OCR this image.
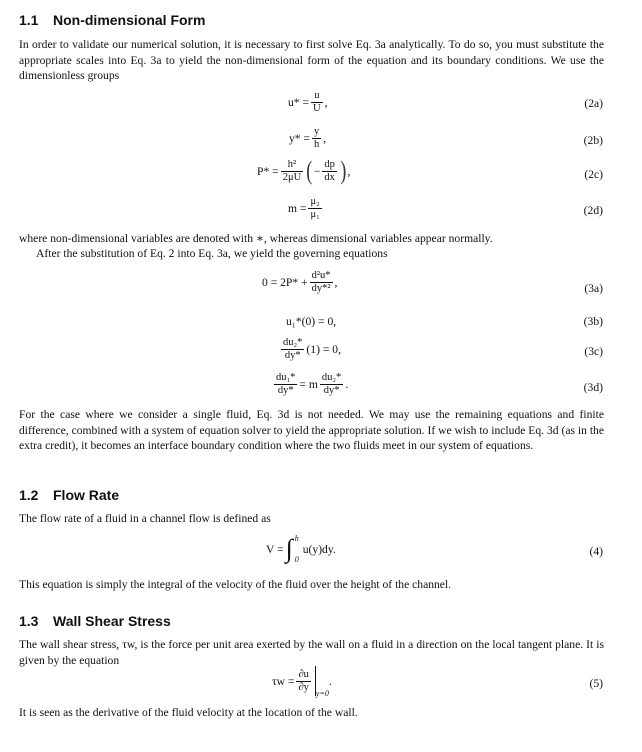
1.1 Non-dimensional Form

In order to validate our numerical solution, it is necessary to first solve Eq. 3a analytically. To do so, you must substitute the appropriate scales into Eq. 3a to yield the non-dimensional form of the equation and its boundary conditions. We use the dimensionless groups

$u* = \frac{u}{U}$ ,	(2a)
$y* = \frac{y}{h}$ ,	(2b)
$P* = \frac{\text{h²}}{2\mu U}$ ( − $\frac{dp}{dx}$ ) ,	(2c)
$m = \frac{\text{μ₂}}{\text{μ₁}}$	(2d)

where non-dimensional variables are denoted with ∗, whereas dimensional variables appear normally.

After the substitution of Eq. 2 into Eq. 3a, we yield the governing equations

$0 = 2P* + \frac{\text{d²u*}}{\text{dy*²}}$ ,	(3a)
u₁*(0) = 0,	(3b)
$\frac{\text{du₂*}}{dy*} (1) = 0$,	(3c)
$\frac{\text{du₁*}}{dy*} = m \frac{\text{du₂*}}{dy*}$ .	(3d)

For the case where we consider a single fluid, Eq. 3d is not needed. We may use the remaining equations and finite difference, combined with a system of equation solver to yield the appropriate solution. If we wish to include Eq. 3d (as in the extra credit), it becomes an interface boundary condition where the two fluids meet in our system of equations.

1.2 Flow Rate

The flow rate of a fluid in a channel flow is defined as

V = ∫ h
0
u(y)dy.	(4)

This equation is simply the integral of the velocity of the fluid over the height of the channel.

1.3 Wall Shear Stress

The wall shear stress, τw, is the force per unit area exerted by the wall on a fluid in a direction on the local tangent plane. It is given by the equation

$\tau w = \frac{\partial u}{\partial y} y=0$
.	(5)

It is seen as the derivative of the fluid velocity at the location of the wall.
